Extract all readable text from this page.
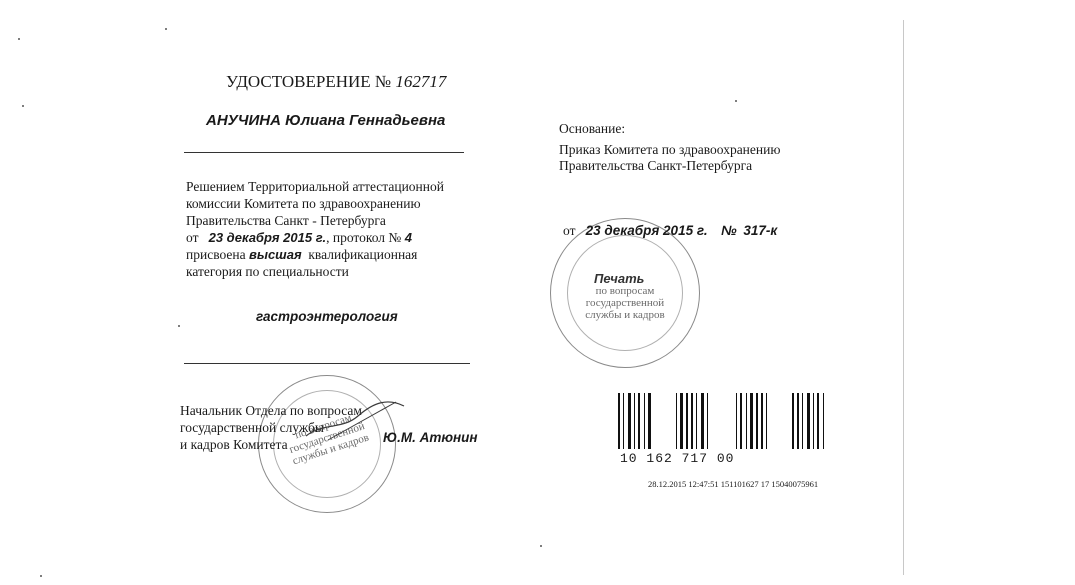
УДОСТОВЕРЕНИЕ № 162717
АНУЧИНА Юлиана Геннадьевна
Решением Территориальной аттестационной
комиссии Комитета по здравоохранению
Правительства Санкт - Петербурга
от 23 декабря 2015 г., протокол № 4
присвоена высшая квалификационная
категория по специальности
гастроэнтерология
по вопросам государственной службы и кадров
Начальник Отдела по вопросам
государственной службы
и кадров Комитета	Ю.М. Атюнин
Основание:
Приказ Комитета по здравоохранению
Правительства Санкт-Петербурга
по вопросам государственной службы и кадров
от 23 декабря 2015 г. № 317-к
Печать
10 162 717 00
28.12.2015 12:47:51 151101627 17 15040075961
